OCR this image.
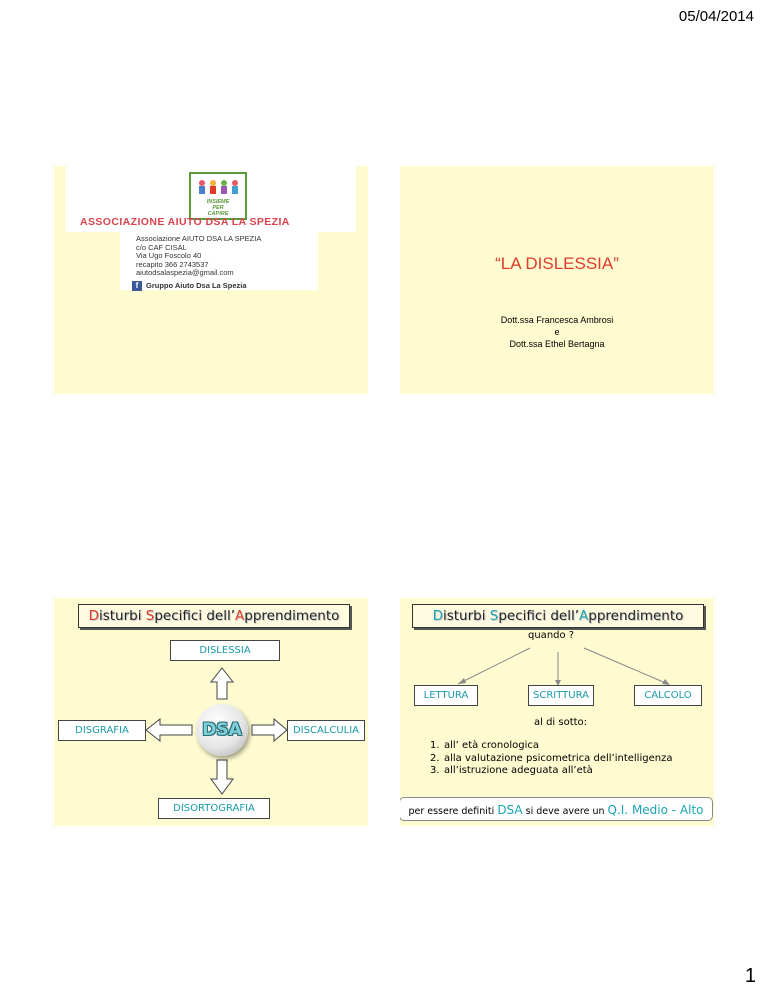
05/04/2014
INSIEME
PER
CAPIRE
ASSOCIAZIONE AIUTO DSA LA SPEZIA
Associazione AIUTO DSA LA SPEZIA
c/o CAF CISAL
Via Ugo Foscolo 40
recapito 366 2743537
aiutodsalaspezia@gmail.com
f Gruppo Aiuto Dsa La Spezia
“LA DISLESSIA”
Dott.ssa Francesca Ambrosi
e
Dott.ssa Ethel Bertagna
Disturbi Specifici dell’Apprendimento
DISLESSIA
DISGRAFIA	DISCALCULIA
DISORTOGRAFIA
DSA
Disturbi Specifici dell’Apprendimento
quando ?
LETTURA	SCRITTURA	CALCOLO
al di sotto:
1. all’ età cronologica
2. alla valutazione psicometrica dell’intelligenza
3. all’istruzione adeguata all’età
per essere definiti DSA si deve avere un Q.I. Medio - Alto
1
